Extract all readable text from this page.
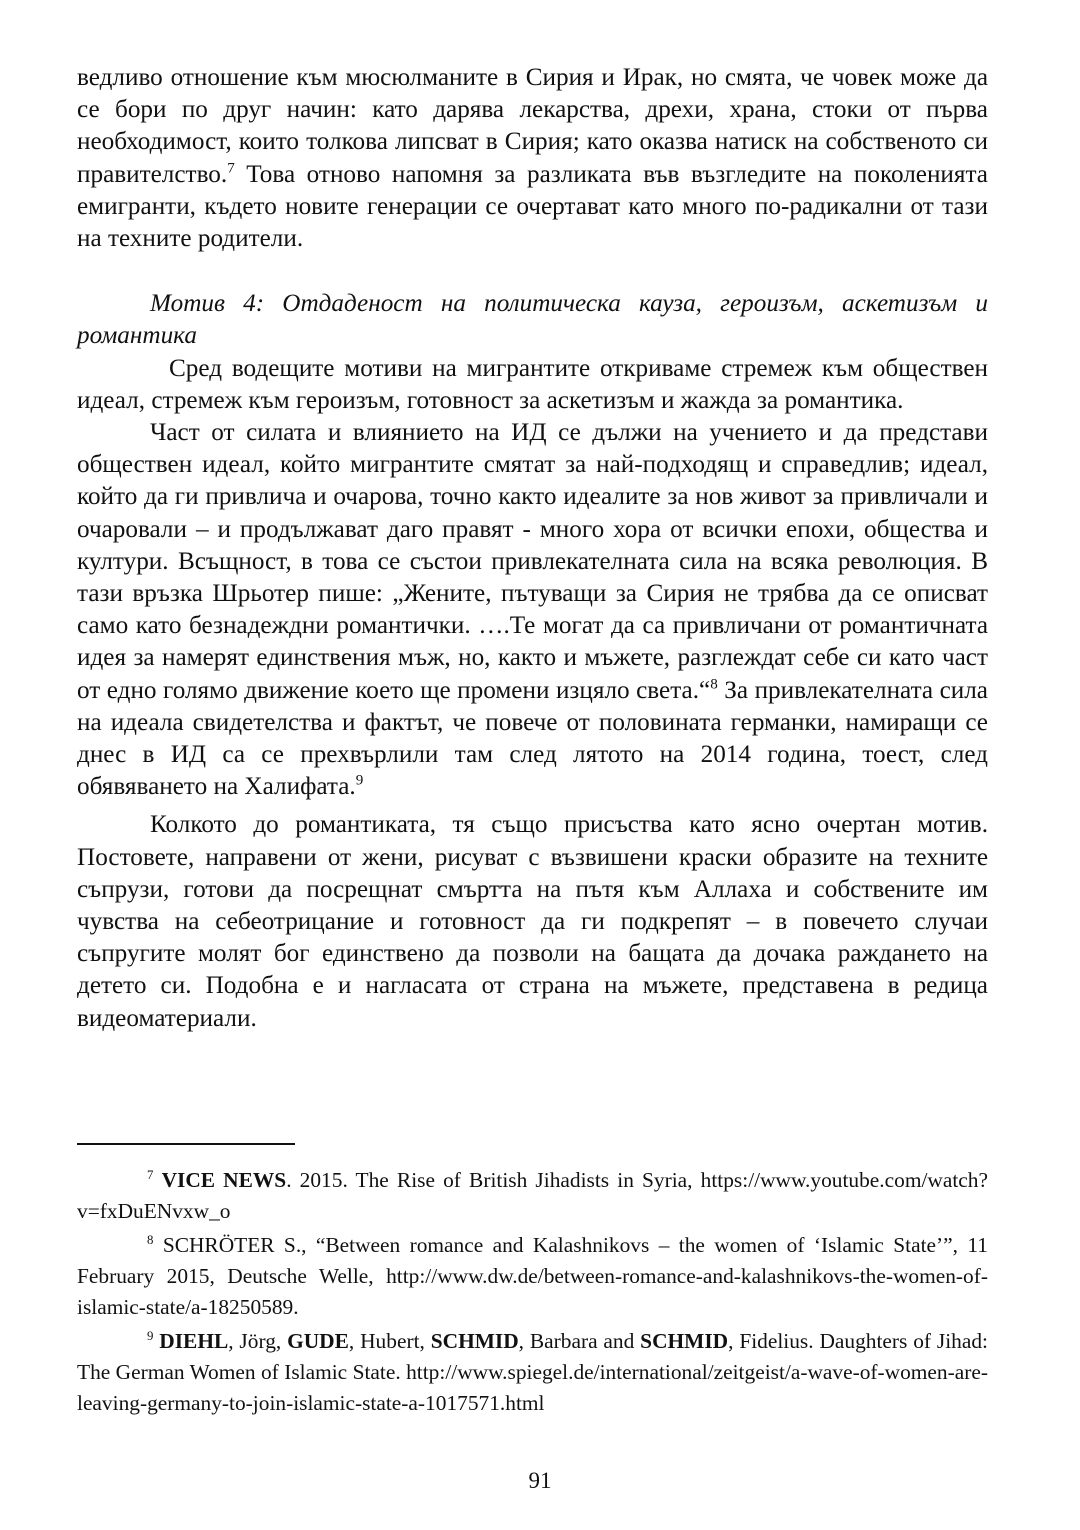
ведливо отношение към мюсюлманите в Сирия и Ирак, но смята, че човек може да се бори по друг начин: като дарява лекарства, дрехи, храна, стоки от първа необходимост, които толкова липсват в Сирия; като оказва натиск на собственото си правителство.$^7$ Това отново напомня за разликата във възгледите на поколенията емигранти, където новите генерации се очертават като много по-радикални от тази на техните родители.

Мотив 4: Отдаденост на политическа кауза, героизъм, аскетизъм и романтика

Сред водещите мотиви на мигрантите откриваме стремеж към обществен идеал, стремеж към героизъм, готовност за аскетизъм и жажда за романтика.

Част от силата и влиянието на ИД се дължи на учението и да представи обществен идеал, който мигрантите смятат за най-подходящ и справедлив; идеал, който да ги привлича и очарова, точно както идеалите за нов живот за привличали и очаровали – и продължават даго правят - много хора от всички епохи, общества и култури. Всъщност, в това се състои привлекателната сила на всяка революция. В тази връзка Шрьотер пише: „Жените, пътуващи за Сирия не трябва да се описват само като безнадеждни романтички. ….Те могат да са привличани от романтичната идея за намерят единствения мъж, но, както и мъжете, разглеждат себе си като част от едно голямо движение което ще промени изцяло света.“$^8$ За привлекателната сила на идеала свидетелства и фактът, че повече от половината германки, намиращи се днес в ИД са се прехвърлили там след лятото на 2014 година, тоест, след обявяването на Халифата.$^9$

Колкото до романтиката, тя също присъства като ясно очертан мотив. Постовете, направени от жени, рисуват с възвишени краски образите на техните съпрузи, готови да посрещнат смъртта на пътя към Аллаха и собствените им чувства на себеотрицание и готовност да ги подкрепят – в повечето случаи съпругите молят бог единствено да позволи на бащата да дочака раждането на детето си. Подобна е и нагласата от страна на мъжете, представена в редица видеоматериали.

$^7$ VICE NEWS. 2015. The Rise of British Jihadists in Syria, https://www.youtube.com/watch?v=fxDuENvxw_o

$^8$ SCHRÖTER S., “Between romance and Kalashnikovs – the women of ‘Islamic State’”, 11 February 2015, Deutsche Welle, http://www.dw.de/between-romance-and-kalashnikovs-the-women-of-islamic-state/a-18250589.

$^9$ DIEHL, Jörg, GUDE, Hubert, SCHMID, Barbara and SCHMID, Fidelius. Daughters of Jihad: The German Women of Islamic State. http://www.spiegel.de/international/zeitgeist/a-wave-of-women-are-leaving-germany-to-join-islamic-state-a-1017571.html

91
